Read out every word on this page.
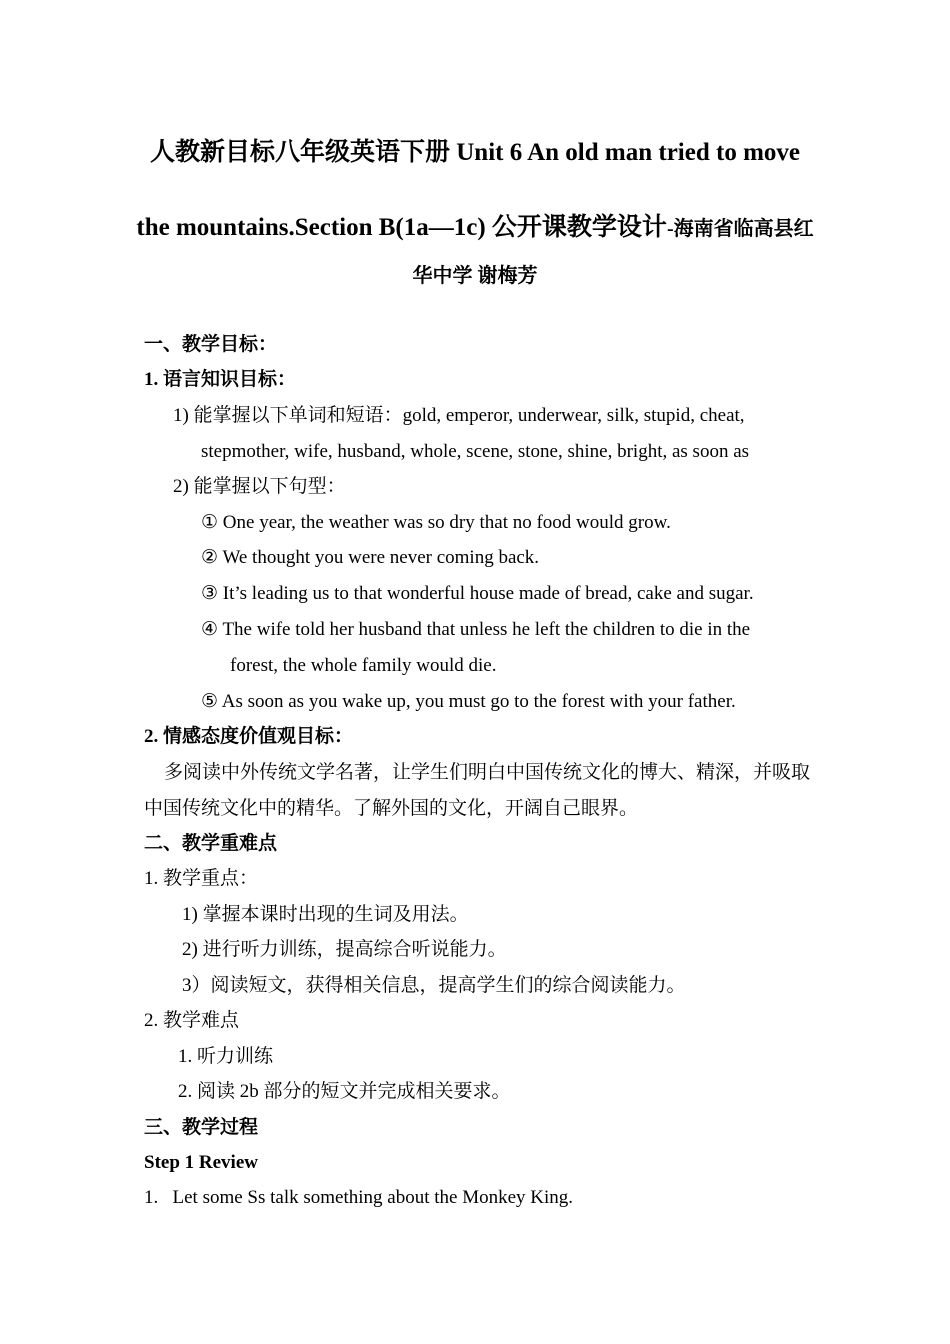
人教新目标八年级英语下册 Unit 6 An old man tried to move
the mountains.Section B(1a—1c) 公开课教学设计-海南省临高县红
华中学 谢梅芳
一、教学目标：
1. 语言知识目标：
1) 能掌握以下单词和短语：gold, emperor, underwear, silk, stupid, cheat,
stepmother, wife, husband, whole, scene, stone, shine, bright, as soon as
2) 能掌握以下句型：
① One year, the weather was so dry that no food would grow.
② We thought you were never coming back.
③ It’s leading us to that wonderful house made of bread, cake and sugar.
④ The wife told her husband that unless he left the children to die in the
forest, the whole family would die.
⑤ As soon as you wake up, you must go to the forest with your father.
2. 情感态度价值观目标：
多阅读中外传统文学名著，让学生们明白中国传统文化的博大、精深，并吸取
中国传统文化中的精华。了解外国的文化，开阔自己眼界。
二、教学重难点
1. 教学重点：
1) 掌握本课时出现的生词及用法。
2) 进行听力训练，提高综合听说能力。
3）阅读短文，获得相关信息，提高学生们的综合阅读能力。
2. 教学难点
1. 听力训练
2. 阅读 2b 部分的短文并完成相关要求。
三、教学过程
Step 1 Review
1.   Let some Ss talk something about the Monkey King.
